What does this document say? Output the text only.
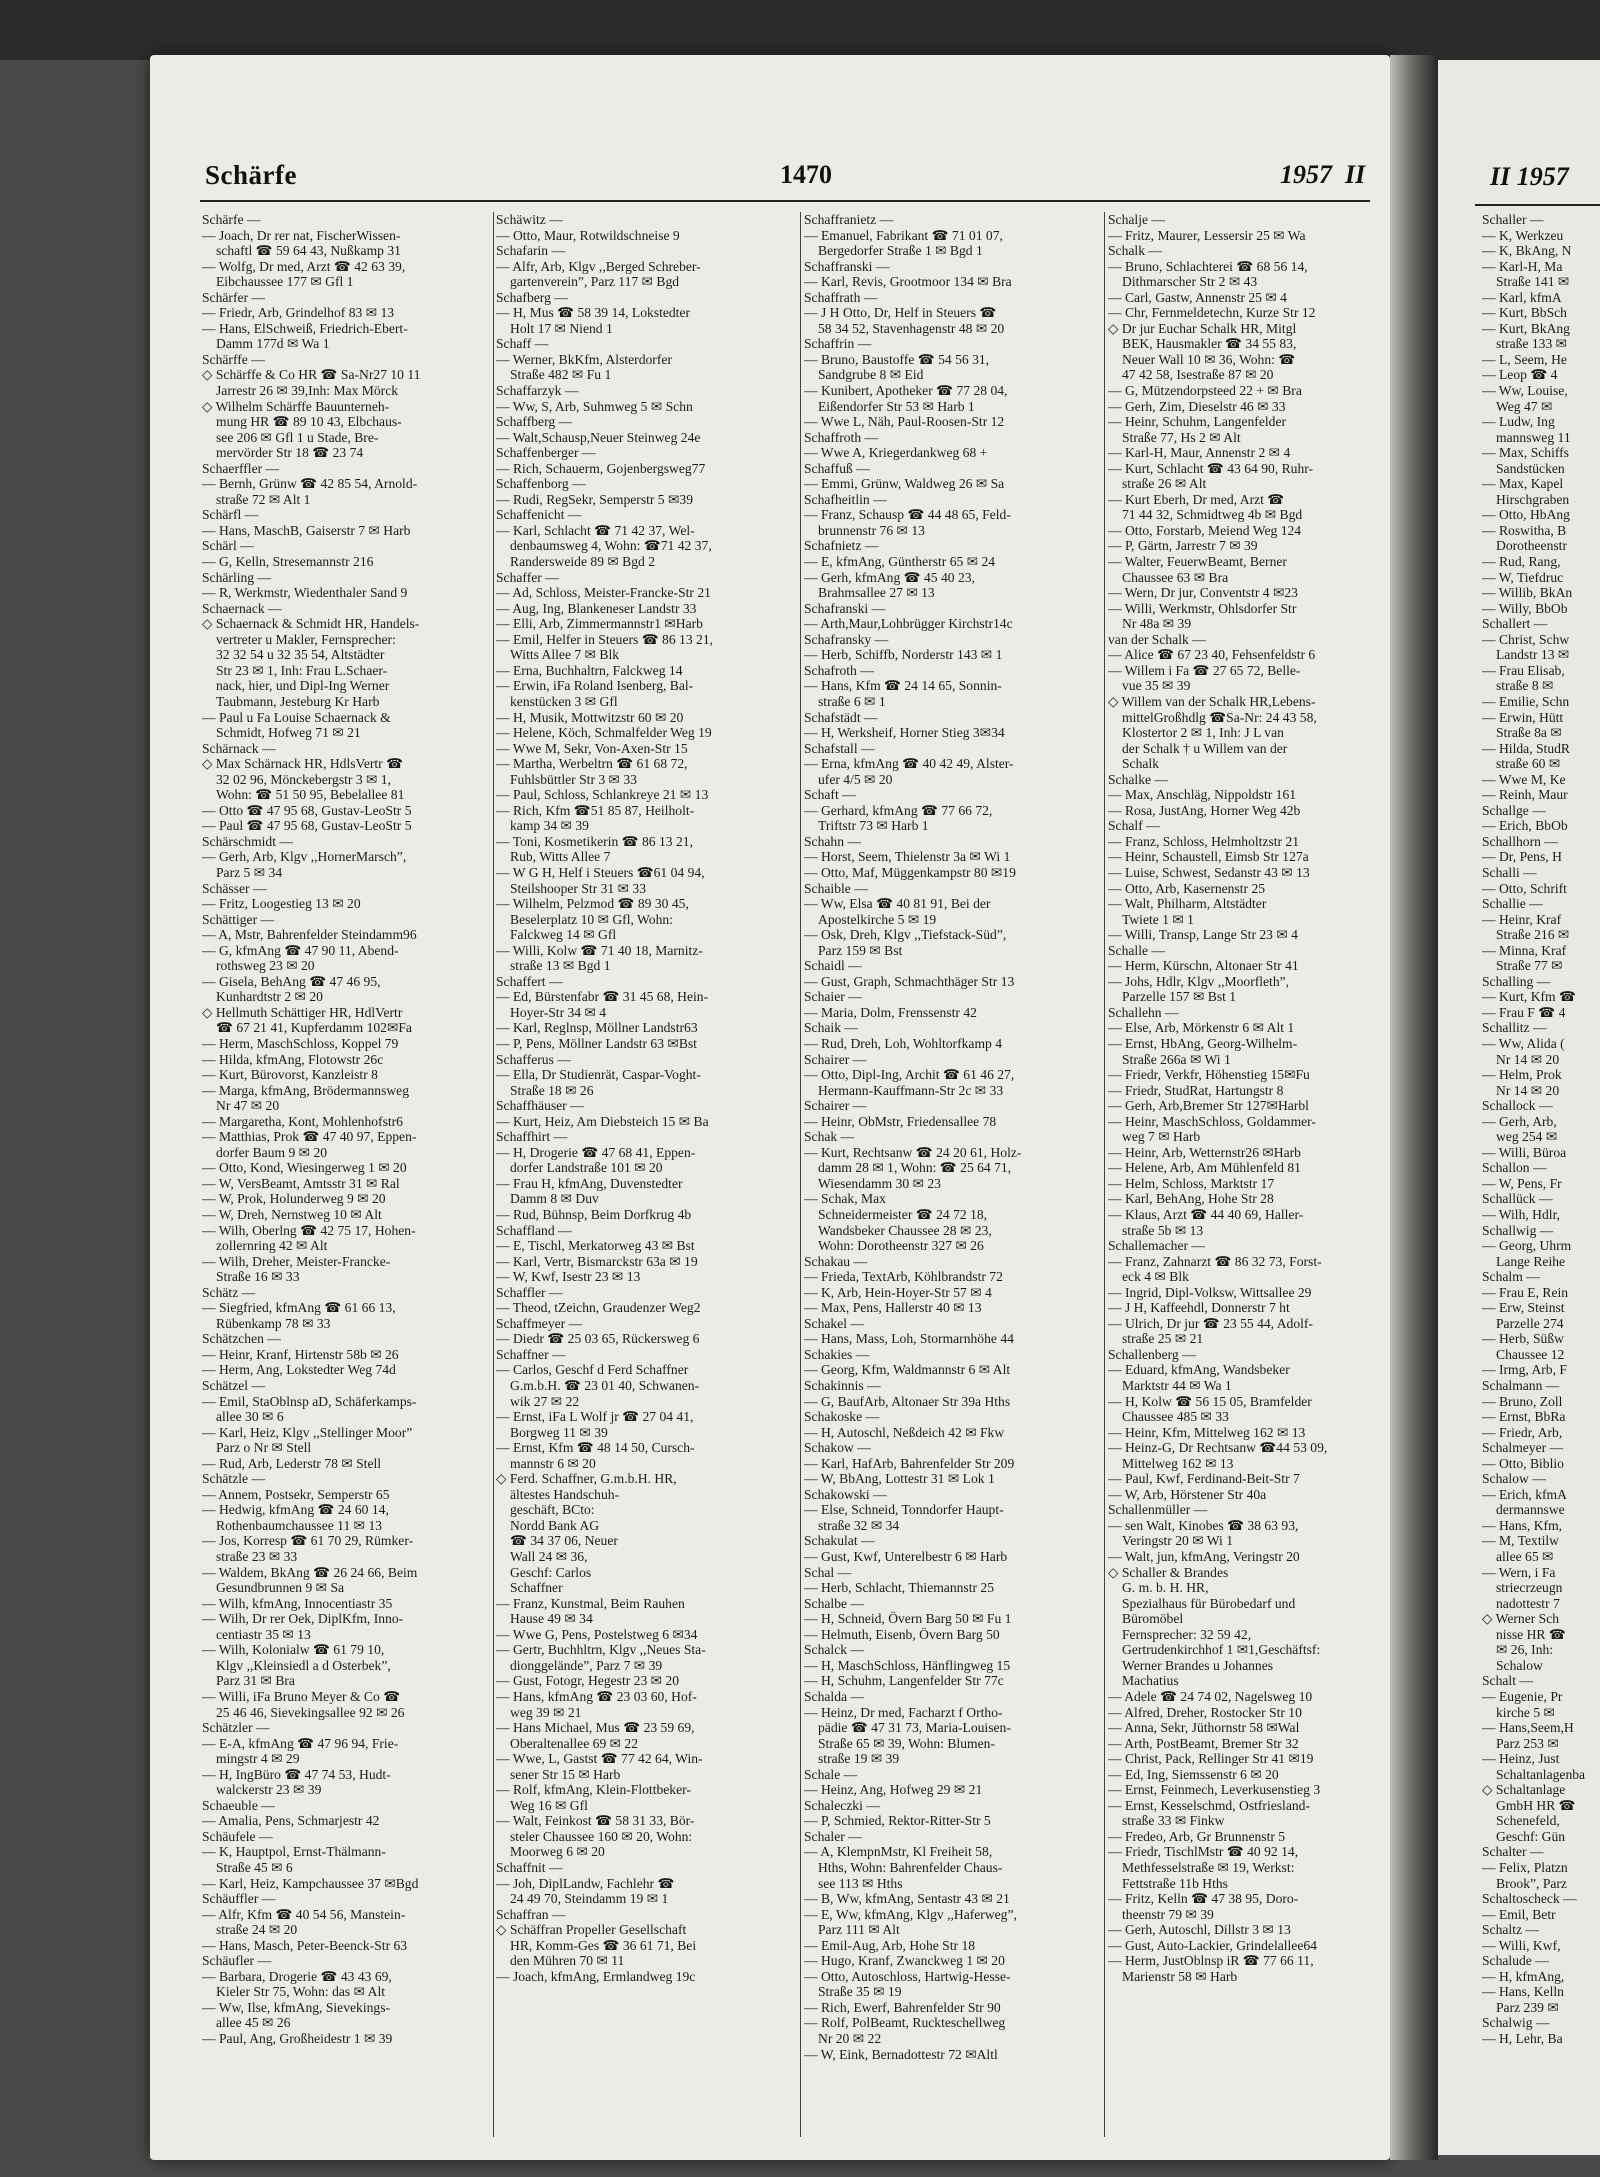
Schärfe	1470	1957 II

Schärfe —

— Joach, Dr rer nat, FischerWissen-

schaftl ☎ 59 64 43, Nußkamp 31

— Wolfg, Dr med, Arzt ☎ 42 63 39,

Eibchaussee 177 ✉ Gfl 1

Schärfer —

— Friedr, Arb, Grindelhof 83 ✉ 13

— Hans, ElSchweiß, Friedrich-Ebert-

Damm 177d ✉ Wa 1

Schärffe —

◇ Schärffe & Co HR ☎ Sa-Nr27 10 11

Jarrestr 26 ✉ 39,Inh: Max Mörck

◇ Wilhelm Schärffe Bauunterneh-

mung HR ☎ 89 10 43, Elbchaus-

see 206 ✉ Gfl 1 u Stade, Bre-

mervörder Str 18 ☎ 23 74

Schaerffler —

— Bernh, Grünw ☎ 42 85 54, Arnold-

straße 72 ✉ Alt 1

Schärfl —

— Hans, MaschB, Gaiserstr 7 ✉ Harb

Schärl —

— G, Kelln, Stresemannstr 216

Schärling —

— R, Werkmstr, Wiedenthaler Sand 9

Schaernack —

◇ Schaernack & Schmidt HR, Handels-

vertreter u Makler, Fernsprecher:

32 32 54 u 32 35 54, Altstädter

Str 23 ✉ 1, Inh: Frau L.Schaer-

nack, hier, und Dipl-Ing Werner

Taubmann, Jesteburg Kr Harb

— Paul u Fa Louise Schaernack &

Schmidt, Hofweg 71 ✉ 21

Schärnack —

◇ Max Schärnack HR, HdlsVertr ☎

32 02 96, Mönckebergstr 3 ✉ 1,

Wohn: ☎ 51 50 95, Bebelallee 81

— Otto ☎ 47 95 68, Gustav-LeoStr 5

— Paul ☎ 47 95 68, Gustav-LeoStr 5

Schärschmidt —

— Gerh, Arb, Klgv ,,HornerMarsch”,

Parz 5 ✉ 34

Schässer —

— Fritz, Loogestieg 13 ✉ 20

Schättiger —

— A, Mstr, Bahrenfelder Steindamm96

— G, kfmAng ☎ 47 90 11, Abend-

rothsweg 23 ✉ 20

— Gisela, BehAng ☎ 47 46 95,

Kunhardtstr 2 ✉ 20

◇ Hellmuth Schättiger HR, HdlVertr

☎ 67 21 41, Kupferdamm 102✉Fa

— Herm, MaschSchloss, Koppel 79

— Hilda, kfmAng, Flotowstr 26c

— Kurt, Bürovorst, Kanzleistr 8

— Marga, kfmAng, Brödermannsweg

Nr 47 ✉ 20

— Margaretha, Kont, Mohlenhofstr6

— Matthias, Prok ☎ 47 40 97, Eppen-

dorfer Baum 9 ✉ 20

— Otto, Kond, Wiesingerweg 1 ✉ 20

— W, VersBeamt, Amtsstr 31 ✉ Ral

— W, Prok, Holunderweg 9 ✉ 20

— W, Dreh, Nernstweg 10 ✉ Alt

— Wilh, Oberlng ☎ 42 75 17, Hohen-

zollernring 42 ✉ Alt

— Wilh, Dreher, Meister-Francke-

Straße 16 ✉ 33

Schätz —

— Siegfried, kfmAng ☎ 61 66 13,

Rübenkamp 78 ✉ 33

Schätzchen —

— Heinr, Kranf, Hirtenstr 58b ✉ 26

— Herm, Ang, Lokstedter Weg 74d

Schätzel —

— Emil, StaOblnsp aD, Schäferkamps-

allee 30 ✉ 6

— Karl, Heiz, Klgv ,,Stellinger Moor”

Parz o Nr ✉ Stell

— Rud, Arb, Lederstr 78 ✉ Stell

Schätzle —

— Annem, Postsekr, Semperstr 65

— Hedwig, kfmAng ☎ 24 60 14,

Rothenbaumchaussee 11 ✉ 13

— Jos, Korresp ☎ 61 70 29, Rümker-

straße 23 ✉ 33

— Waldem, BkAng ☎ 26 24 66, Beim

Gesundbrunnen 9 ✉ Sa

— Wilh, kfmAng, Innocentiastr 35

— Wilh, Dr rer Oek, DiplKfm, Inno-

centiastr 35 ✉ 13

— Wilh, Kolonialw ☎ 61 79 10,

Klgv ,,Kleinsiedl a d Osterbek”,

Parz 31 ✉ Bra

— Willi, iFa Bruno Meyer & Co ☎

25 46 46, Sievekingsallee 92 ✉ 26

Schätzler —

— E-A, kfmAng ☎ 47 96 94, Frie-

mingstr 4 ✉ 29

— H, IngBüro ☎ 47 74 53, Hudt-

walckerstr 23 ✉ 39

Schaeuble —

— Amalia, Pens, Schmarjestr 42

Schäufele —

— K, Hauptpol, Ernst-Thälmann-

Straße 45 ✉ 6

— Karl, Heiz, Kampchaussee 37 ✉Bgd

Schäuffler —

— Alfr, Kfm ☎ 40 54 56, Manstein-

straße 24 ✉ 20

— Hans, Masch, Peter-Beenck-Str 63

Schäufler —

— Barbara, Drogerie ☎ 43 43 69,

Kieler Str 75, Wohn: das ✉ Alt

— Ww, Ilse, kfmAng, Sievekings-

allee 45 ✉ 26

— Paul, Ang, Großheidestr 1 ✉ 39

Schäwitz —

— Otto, Maur, Rotwildschneise 9

Schafarin —

— Alfr, Arb, Klgv ,,Berged Schreber-

gartenverein”, Parz 117 ✉ Bgd

Schafberg —

— H, Mus ☎ 58 39 14, Lokstedter

Holt 17 ✉ Niend 1

Schaff —

— Werner, BkKfm, Alsterdorfer

Straße 482 ✉ Fu 1

Schaffarzyk —

— Ww, S, Arb, Suhmweg 5 ✉ Schn

Schaffberg —

— Walt,Schausp,Neuer Steinweg 24e

Schaffenberger —

— Rich, Schauerm, Gojenbergsweg77

Schaffenborg —

— Rudi, RegSekr, Semperstr 5 ✉39

Schaffenicht —

— Karl, Schlacht ☎ 71 42 37, Wel-

denbaumsweg 4, Wohn: ☎71 42 37,

Randersweide 89 ✉ Bgd 2

Schaffer —

— Ad, Schloss, Meister-Francke-Str 21

— Aug, Ing, Blankeneser Landstr 33

— Elli, Arb, Zimmermannstr1 ✉Harb

— Emil, Helfer in Steuers ☎ 86 13 21,

Witts Allee 7 ✉ Blk

— Erna, Buchhaltrn, Falckweg 14

— Erwin, iFa Roland Isenberg, Bal-

kenstücken 3 ✉ Gfl

— H, Musik, Mottwitzstr 60 ✉ 20

— Helene, Köch, Schmalfelder Weg 19

— Wwe M, Sekr, Von-Axen-Str 15

— Martha, Werbeltrn ☎ 61 68 72,

Fuhlsbüttler Str 3 ✉ 33

— Paul, Schloss, Schlankreye 21 ✉ 13

— Rich, Kfm ☎51 85 87, Heilholt-

kamp 34 ✉ 39

— Toni, Kosmetikerin ☎ 86 13 21,

Rub, Witts Allee 7

— W G H, Helf i Steuers ☎61 04 94,

Steilshooper Str 31 ✉ 33

— Wilhelm, Pelzmod ☎ 89 30 45,

Beselerplatz 10 ✉ Gfl, Wohn:

Falckweg 14 ✉ Gfl

— Willi, Kolw ☎ 71 40 18, Marnitz-

straße 13 ✉ Bgd 1

Schaffert —

— Ed, Bürstenfabr ☎ 31 45 68, Hein-

Hoyer-Str 34 ✉ 4

— Karl, Reglnsp, Möllner Landstr63

— P, Pens, Möllner Landstr 63 ✉Bst

Schafferus —

— Ella, Dr Studienrät, Caspar-Voght-

Straße 18 ✉ 26

Schaffhäuser —

— Kurt, Heiz, Am Diebsteich 15 ✉ Ba

Schaffhirt —

— H, Drogerie ☎ 47 68 41, Eppen-

dorfer Landstraße 101 ✉ 20

— Frau H, kfmAng, Duvenstedter

Damm 8 ✉ Duv

— Rud, Bühnsp, Beim Dorfkrug 4b

Schaffland —

— E, Tischl, Merkatorweg 43 ✉ Bst

— Karl, Vertr, Bismarckstr 63a ✉ 19

— W, Kwf, Isestr 23 ✉ 13

Schaffler —

— Theod, tZeichn, Graudenzer Weg2

Schaffmeyer —

— Diedr ☎ 25 03 65, Rückersweg 6

Schaffner —

— Carlos, Geschf d Ferd Schaffner

G.m.b.H. ☎ 23 01 40, Schwanen-

wik 27 ✉ 22

— Ernst, iFa L Wolf jr ☎ 27 04 41,

Borgweg 11 ✉ 39

— Ernst, Kfm ☎ 48 14 50, Cursch-

mannstr 6 ✉ 20

◇ Ferd. Schaffner, G.m.b.H. HR,

ältestes Handschuh-

geschäft, BCto:

Nordd Bank AG

☎ 34 37 06, Neuer

Wall 24 ✉ 36,

Geschf: Carlos

Schaffner

— Franz, Kunstmal, Beim Rauhen

Hause 49 ✉ 34

— Wwe G, Pens, Postelstweg 6 ✉34

— Gertr, Buchhltrn, Klgv ,,Neues Sta-

dionggelände”, Parz 7 ✉ 39

— Gust, Fotogr, Hegestr 23 ✉ 20

— Hans, kfmAng ☎ 23 03 60, Hof-

weg 39 ✉ 21

— Hans Michael, Mus ☎ 23 59 69,

Oberaltenallee 69 ✉ 22

— Wwe, L, Gastst ☎ 77 42 64, Win-

sener Str 15 ✉ Harb

— Rolf, kfmAng, Klein-Flottbeker-

Weg 16 ✉ Gfl

— Walt, Feinkost ☎ 58 31 33, Bör-

steler Chaussee 160 ✉ 20, Wohn:

Moorweg 6 ✉ 20

Schaffnit —

— Joh, DiplLandw, Fachlehr ☎

24 49 70, Steindamm 19 ✉ 1

Schaffran —

◇ Schäffran Propeller Gesellschaft

HR, Komm-Ges ☎ 36 61 71, Bei

den Mühren 70 ✉ 11

— Joach, kfmAng, Ermlandweg 19c

Schaffranietz —

— Emanuel, Fabrikant ☎ 71 01 07,

Bergedorfer Straße 1 ✉ Bgd 1

Schaffranski —

— Karl, Revis, Grootmoor 134 ✉ Bra

Schaffrath —

— J H Otto, Dr, Helf in Steuers ☎

58 34 52, Stavenhagenstr 48 ✉ 20

Schaffrin —

— Bruno, Baustoffe ☎ 54 56 31,

Sandgrube 8 ✉ Eid

— Kunibert, Apotheker ☎ 77 28 04,

Eißendorfer Str 53 ✉ Harb 1

— Wwe L, Näh, Paul-Roosen-Str 12

Schaffroth —

— Wwe A, Kriegerdankweg 68 +

Schaffuß —

— Emmi, Grünw, Waldweg 26 ✉ Sa

Schafheitlin —

— Franz, Schausp ☎ 44 48 65, Feld-

brunnenstr 76 ✉ 13

Schafnietz —

— E, kfmAng, Güntherstr 65 ✉ 24

— Gerh, kfmAng ☎ 45 40 23,

Brahmsallee 27 ✉ 13

Schafranski —

— Arth,Maur,Lohbrügger Kirchstr14c

Schafransky —

— Herb, Schiffb, Norderstr 143 ✉ 1

Schafroth —

— Hans, Kfm ☎ 24 14 65, Sonnin-

straße 6 ✉ 1

Schafstädt —

— H, Werksheif, Horner Stieg 3✉34

Schafstall —

— Erna, kfmAng ☎ 40 42 49, Alster-

ufer 4/5 ✉ 20

Schaft —

— Gerhard, kfmAng ☎ 77 66 72,

Triftstr 73 ✉ Harb 1

Schahn —

— Horst, Seem, Thielenstr 3a ✉ Wi 1

— Otto, Maf, Müggenkampstr 80 ✉19

Schaible —

— Ww, Elsa ☎ 40 81 91, Bei der

Apostelkirche 5 ✉ 19

— Osk, Dreh, Klgv ,,Tiefstack-Süd”,

Parz 159 ✉ Bst

Schaidl —

— Gust, Graph, Schmachthäger Str 13

Schaier —

— Maria, Dolm, Frenssenstr 42

Schaik —

— Rud, Dreh, Loh, Wohltorfkamp 4

Schairer —

— Otto, Dipl-Ing, Archit ☎ 61 46 27,

Hermann-Kauffmann-Str 2c ✉ 33

Schairer —

— Heinr, ObMstr, Friedensallee 78

Schak —

— Kurt, Rechtsanw ☎ 24 20 61, Holz-

damm 28 ✉ 1, Wohn: ☎ 25 64 71,

Wiesendamm 30 ✉ 23

— Schak, Max

Schneidermeister ☎ 24 72 18,

Wandsbeker Chaussee 28 ✉ 23,

Wohn: Dorotheenstr 327 ✉ 26

Schakau —

— Frieda, TextArb, Köhlbrandstr 72

— K, Arb, Hein-Hoyer-Str 57 ✉ 4

— Max, Pens, Hallerstr 40 ✉ 13

Schakel —

— Hans, Mass, Loh, Stormarnhöhe 44

Schakies —

— Georg, Kfm, Waldmannstr 6 ✉ Alt

Schakinnis —

— G, BaufArb, Altonaer Str 39a Hths

Schakoske —

— H, Autoschl, Neßdeich 42 ✉ Fkw

Schakow —

— Karl, HafArb, Bahrenfelder Str 209

— W, BbAng, Lottestr 31 ✉ Lok 1

Schakowski —

— Else, Schneid, Tonndorfer Haupt-

straße 32 ✉ 34

Schakulat —

— Gust, Kwf, Unterelbestr 6 ✉ Harb

Schal —

— Herb, Schlacht, Thiemannstr 25

Schalbe —

— H, Schneid, Övern Barg 50 ✉ Fu 1

— Helmuth, Eisenb, Övern Barg 50

Schalck —

— H, MaschSchloss, Hänflingweg 15

— H, Schuhm, Langenfelder Str 77c

Schalda —

— Heinz, Dr med, Facharzt f Ortho-

pädie ☎ 47 31 73, Maria-Louisen-

Straße 65 ✉ 39, Wohn: Blumen-

straße 19 ✉ 39

Schale —

— Heinz, Ang, Hofweg 29 ✉ 21

Schaleczki —

— P, Schmied, Rektor-Ritter-Str 5

Schaler —

— A, KlempnMstr, Kl Freiheit 58,

Hths, Wohn: Bahrenfelder Chaus-

see 113 ✉ Hths

— B, Ww, kfmAng, Sentastr 43 ✉ 21

— E, Ww, kfmAng, Klgv ,,Haferweg”,

Parz 111 ✉ Alt

— Emil-Aug, Arb, Hohe Str 18

— Hugo, Kranf, Zwanckweg 1 ✉ 20

— Otto, Autoschloss, Hartwig-Hesse-

Straße 35 ✉ 19

— Rich, Ewerf, Bahrenfelder Str 90

— Rolf, PolBeamt, Ruckteschellweg

Nr 20 ✉ 22

— W, Eink, Bernadottestr 72 ✉Altl

Schalje —

— Fritz, Maurer, Lessersir 25 ✉ Wa

Schalk —

— Bruno, Schlachterei ☎ 68 56 14,

Dithmarscher Str 2 ✉ 43

— Carl, Gastw, Annenstr 25 ✉ 4

— Chr, Fernmeldetechn, Kurze Str 12

◇ Dr jur Euchar Schalk HR, Mitgl

BEK, Hausmakler ☎ 34 55 83,

Neuer Wall 10 ✉ 36, Wohn: ☎

47 42 58, Isestraße 87 ✉ 20

— G, Mützendorpsteed 22 + ✉ Bra

— Gerh, Zim, Dieselstr 46 ✉ 33

— Heinr, Schuhm, Langenfelder

Straße 77, Hs 2 ✉ Alt

— Karl-H, Maur, Annenstr 2 ✉ 4

— Kurt, Schlacht ☎ 43 64 90, Ruhr-

straße 26 ✉ Alt

— Kurt Eberh, Dr med, Arzt ☎

71 44 32, Schmidtweg 4b ✉ Bgd

— Otto, Forstarb, Meiend Weg 124

— P, Gärtn, Jarrestr 7 ✉ 39

— Walter, FeuerwBeamt, Berner

Chaussee 63 ✉ Bra

— Wern, Dr jur, Conventstr 4 ✉23

— Willi, Werkmstr, Ohlsdorfer Str

Nr 48a ✉ 39

van der Schalk —

— Alice ☎ 67 23 40, Fehsenfeldstr 6

— Willem i Fa ☎ 27 65 72, Belle-

vue 35 ✉ 39

◇ Willem van der Schalk HR,Lebens-

mittelGroßhdlg ☎Sa-Nr: 24 43 58,

Klostertor 2 ✉ 1, Inh: J L van

der Schalk † u Willem van der

Schalk

Schalke —

— Max, Anschläg, Nippoldstr 161

— Rosa, JustAng, Horner Weg 42b

Schalf —

— Franz, Schloss, Helmholtzstr 21

— Heinr, Schaustell, Eimsb Str 127a

— Luise, Schwest, Sedanstr 43 ✉ 13

— Otto, Arb, Kasernenstr 25

— Walt, Philharm, Altstädter

Twiete 1 ✉ 1

— Willi, Transp, Lange Str 23 ✉ 4

Schalle —

— Herm, Kürschn, Altonaer Str 41

— Johs, Hdlr, Klgv ,,Moorfleth”,

Parzelle 157 ✉ Bst 1

Schallehn —

— Else, Arb, Mörkenstr 6 ✉ Alt 1

— Ernst, HbAng, Georg-Wilhelm-

Straße 266a ✉ Wi 1

— Friedr, Verkfr, Höhenstieg 15✉Fu

— Friedr, StudRat, Hartungstr 8

— Gerh, Arb,Bremer Str 127✉Harbl

— Heinr, MaschSchloss, Goldammer-

weg 7 ✉ Harb

— Heinr, Arb, Wetternstr26 ✉Harb

— Helene, Arb, Am Mühlenfeld 81

— Helm, Schloss, Marktstr 17

— Karl, BehAng, Hohe Str 28

— Klaus, Arzt ☎ 44 40 69, Haller-

straße 5b ✉ 13

Schallemacher —

— Franz, Zahnarzt ☎ 86 32 73, Forst-

eck 4 ✉ Blk

— Ingrid, Dipl-Volksw, Wittsallee 29

— J H, Kaffeehdl, Donnerstr 7 ht

— Ulrich, Dr jur ☎ 23 55 44, Adolf-

straße 25 ✉ 21

Schallenberg —

— Eduard, kfmAng, Wandsbeker

Marktstr 44 ✉ Wa 1

— H, Kolw ☎ 56 15 05, Bramfelder

Chaussee 485 ✉ 33

— Heinr, Kfm, Mittelweg 162 ✉ 13

— Heinz-G, Dr Rechtsanw ☎44 53 09,

Mittelweg 162 ✉ 13

— Paul, Kwf, Ferdinand-Beit-Str 7

— W, Arb, Hörstener Str 40a

Schallenmüller —

— sen Walt, Kinobes ☎ 38 63 93,

Veringstr 20 ✉ Wi 1

— Walt, jun, kfmAng, Veringstr 20

◇ Schaller & Brandes

G. m. b. H. HR,

Spezialhaus für Bürobedarf und

Büromöbel

Fernsprecher: 32 59 42,

Gertrudenkirchhof 1 ✉1,Geschäftsf:

Werner Brandes u Johannes

Machatius

— Adele ☎ 24 74 02, Nagelsweg 10

— Alfred, Dreher, Rostocker Str 10

— Anna, Sekr, Jüthornstr 58 ✉Wal

— Arth, PostBeamt, Bremer Str 32

— Christ, Pack, Rellinger Str 41 ✉19

— Ed, Ing, Siemssenstr 6 ✉ 20

— Ernst, Feinmech, Leverkusenstieg 3

— Ernst, Kesselschmd, Ostfriesland-

straße 33 ✉ Finkw

— Fredeo, Arb, Gr Brunnenstr 5

— Friedr, TischlMstr ☎ 40 92 14,

Methfesselstraße ✉ 19, Werkst:

Fettstraße 11b Hths

— Fritz, Kelln ☎ 47 38 95, Doro-

theenstr 79 ✉ 39

— Gerh, Autoschl, Dillstr 3 ✉ 13

— Gust, Auto-Lackier, Grindelallee64

— Herm, JustOblnsp iR ☎ 77 66 11,

Marienstr 58 ✉ Harb

II 1957

Schaller —

— K, Werkzeu

— K, BkAng, N

— Karl-H, Ma

Straße 141 ✉

— Karl, kfmA

— Kurt, BbSch

— Kurt, BkAng

straße 133 ✉

— L, Seem, He

— Leop ☎ 4

— Ww, Louise,

Weg 47 ✉

— Ludw, Ing

mannsweg 11

— Max, Schiffs

Sandstücken

— Max, Kapel

Hirschgraben

— Otto, HbAng

— Roswitha, B

Dorotheenstr

— Rud, Rang,

— W, Tiefdruc

— Willib, BkAn

— Willy, BbOb

Schallert —

— Christ, Schw

Landstr 13 ✉

— Frau Elisab,

straße 8 ✉

— Emilie, Schn

— Erwin, Hütt

Straße 8a ✉

— Hilda, StudR

straße 60 ✉

— Wwe M, Ke

— Reinh, Maur

Schallge —

— Erich, BbOb

Schallhorn —

— Dr, Pens, H

Schalli —

— Otto, Schrift

Schallie —

— Heinr, Kraf

Straße 216 ✉

— Minna, Kraf

Straße 77 ✉

Schalling —

— Kurt, Kfm ☎

— Frau F ☎ 4

Schallitz —

— Ww, Alida (

Nr 14 ✉ 20

— Helm, Prok

Nr 14 ✉ 20

Schallock —

— Gerh, Arb,

weg 254 ✉

— Willi, Büroa

Schallon —

— W, Pens, Fr

Schallück —

— Wilh, Hdlr,

Schallwig —

— Georg, Uhrm

Lange Reihe

Schalm —

— Frau E, Rein

— Erw, Steinst

Parzelle 274

— Herb, Süßw

Chaussee 12

— Irmg, Arb, F

Schalmann —

— Bruno, Zoll

— Ernst, BbRa

— Friedr, Arb,

Schalmeyer —

— Otto, Biblio

Schalow —

— Erich, kfmA

dermannswe

— Hans, Kfm,

— M, Textilw

allee 65 ✉

— Wern, i Fa

striecrzeugn

nadottestr 7

◇ Werner Sch

nisse HR ☎

✉ 26, Inh:

Schalow

Schalt —

— Eugenie, Pr

kirche 5 ✉

— Hans,Seem,H

Parz 253 ✉

— Heinz, Just

Schaltanlagenba

◇ Schaltanlage

GmbH HR ☎

Schenefeld,

Geschf: Gün

Schalter —

— Felix, Platzn

Brook”, Parz

Schaltoscheck —

— Emil, Betr

Schaltz —

— Willi, Kwf,

Schalude —

— H, kfmAng,

— Hans, Kelln

Parz 239 ✉

Schalwig —

— H, Lehr, Ba
